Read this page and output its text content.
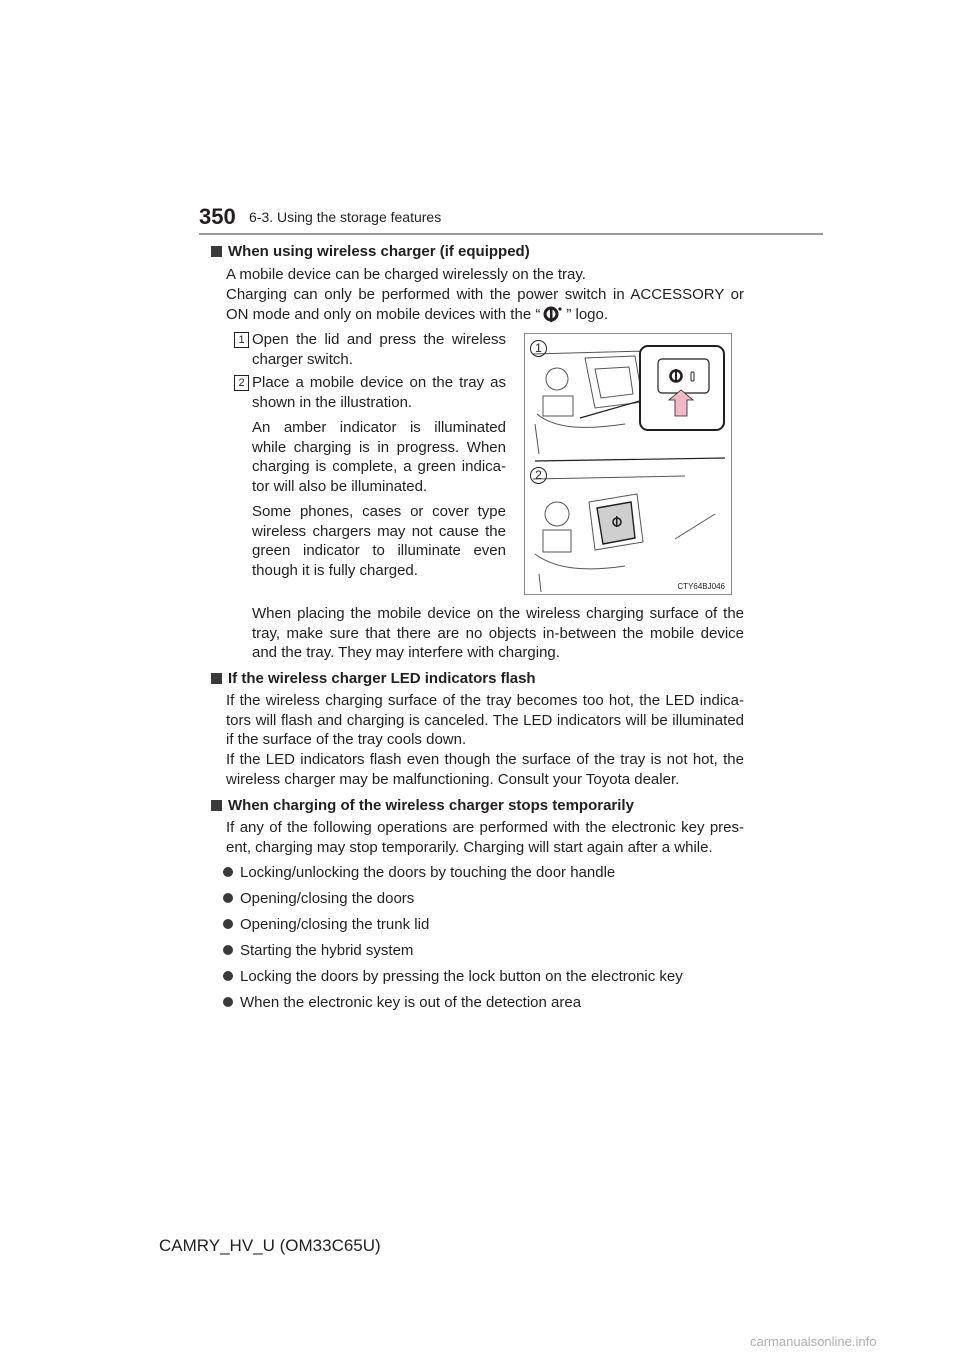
350 6-3. Using the storage features
When using wireless charger (if equipped)
A mobile device can be charged wirelessly on the tray.
Charging can only be performed with the power switch in ACCESSORY or
ON mode and only on mobile devices with the “ ” logo.
1 Open the lid and press the wireless charger switch.
2 Place a mobile device on the tray as shown in the illustration.
An amber indicator is illuminated while charging is in progress. When charging is complete, a green indica-tor will also be illuminated.
Some phones, cases or cover type wireless chargers may not cause the green indicator to illuminate even though it is fully charged.
1
2
CTY64BJ046
When placing the mobile device on the wireless charging surface of the tray, make sure that there are no objects in-between the mobile device and the tray. They may interfere with charging.
If the wireless charger LED indicators flash
If the wireless charging surface of the tray becomes too hot, the LED indica-tors will flash and charging is canceled. The LED indicators will be illuminated if the surface of the tray cools down.
If the LED indicators flash even though the surface of the tray is not hot, the wireless charger may be malfunctioning. Consult your Toyota dealer.
When charging of the wireless charger stops temporarily
If any of the following operations are performed with the electronic key pres-ent, charging may stop temporarily. Charging will start again after a while.
Locking/unlocking the doors by touching the door handle
Opening/closing the doors
Opening/closing the trunk lid
Starting the hybrid system
Locking the doors by pressing the lock button on the electronic key
When the electronic key is out of the detection area
CAMRY_HV_U (OM33C65U)
carmanualsonline.info
